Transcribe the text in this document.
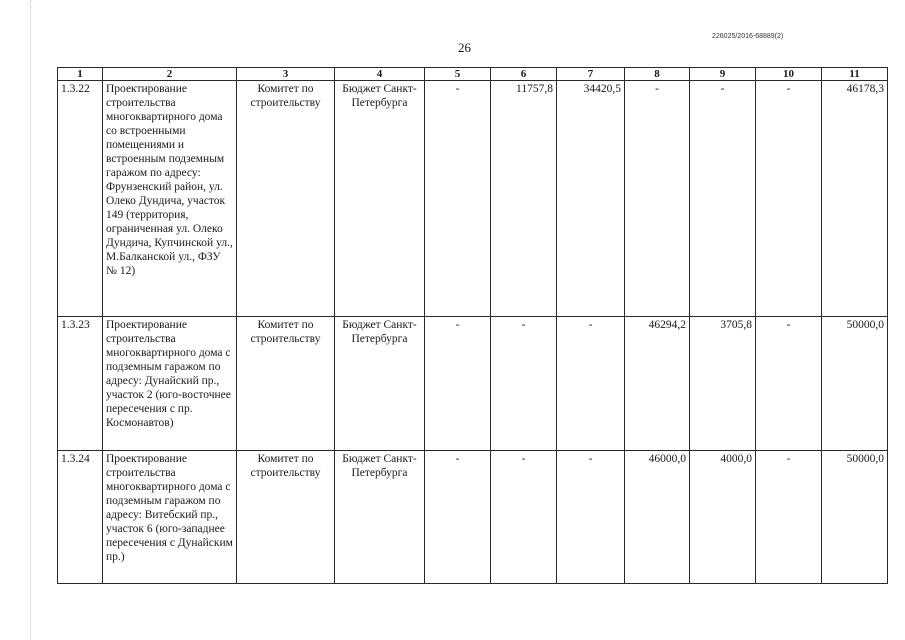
26
226025/2016-68889(2)
1	2	3	4	5	6	7	8	9	10	11
1.3.22	Проектирование строительства многоквартирного дома со встроенными помещениями и встроенным подземным гаражом по адресу: Фрунзенский район, ул. Олеко Дундича, участок 149 (территория, ограниченная ул. Олеко Дундича, Купчинской ул., М.Балканской ул., ФЗУ № 12)	Комитет по строительству	Бюджет Санкт-Петербурга	-	11757,8	34420,5	-	-	-	46178,3
1.3.23	Проектирование строительства многоквартирного дома с подземным гаражом по адресу: Дунайский пр., участок 2 (юго-восточнее пересечения с пр. Космонавтов)	Комитет по строительству	Бюджет Санкт-Петербурга	-	-	-	46294,2	3705,8	-	50000,0
1.3.24	Проектирование строительства многоквартирного дома с подземным гаражом по адресу: Витебский пр., участок 6 (юго-западнее пересечения с Дунайским пр.)	Комитет по строительству	Бюджет Санкт-Петербурга	-	-	-	46000,0	4000,0	-	50000,0
